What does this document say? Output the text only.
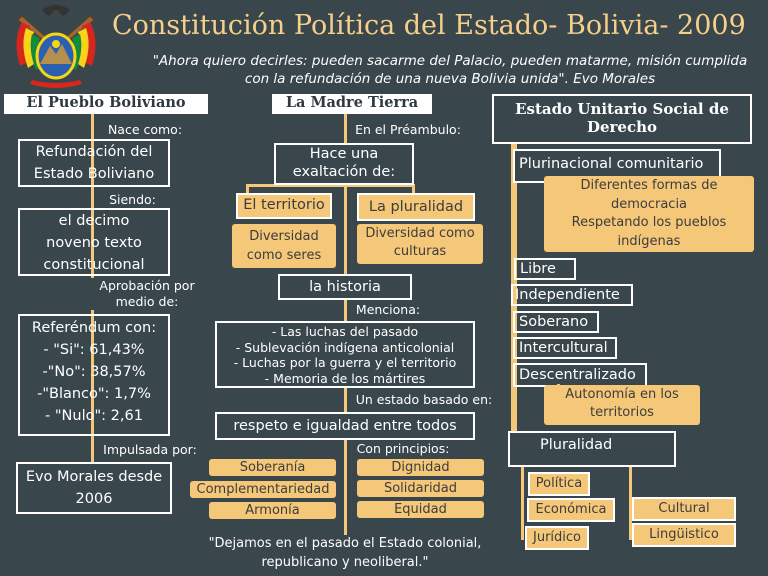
Constitución Política del Estado- Bolivia- 2009
"Ahora quiero decirles: pueden sacarme del Palacio, pueden matarme, misión cumplida con la refundación de una nueva Bolivia unida". Evo Morales
El Pueblo Boliviano
Nace como:
Refundación del Estado Boliviano
Siendo:
el decimo noveno texto constitucional
Aprobación por medio de:
Referéndum con:
- "Si": 61,43%
-"No": 38,57%
-"Blanco": 1,7%
- "Nulo": 2,61
Impulsada por:
Evo Morales desde 2006
La Madre Tierra
En el Préambulo:
Hace una exaltación de:
El territorio	La pluralidad
Diversidad como seres
Diversidad como culturas
la historia
Menciona:
- Las luchas del pasado
- Sublevación indígena anticolonial
- Luchas por la guerra y el territorio
- Memoria de los mártires
Un estado basado en:
respeto e igualdad entre todos
Con principios:
Soberanía
Complementariedad
Armonía
Dignidad
Solidaridad
Equidad
"Dejamos en el pasado el Estado colonial, republicano y neoliberal."
Estado Unitario Social de Derecho
Plurinacional comunitario
Diferentes formas de democracia
Respetando los pueblos indígenas
Libre
Independiente
Soberano
Intercultural
Descentralizado
Autonomía en los territorios
Pluralidad
Política
Económica
Jurídico
Cultural
Lingüistico
